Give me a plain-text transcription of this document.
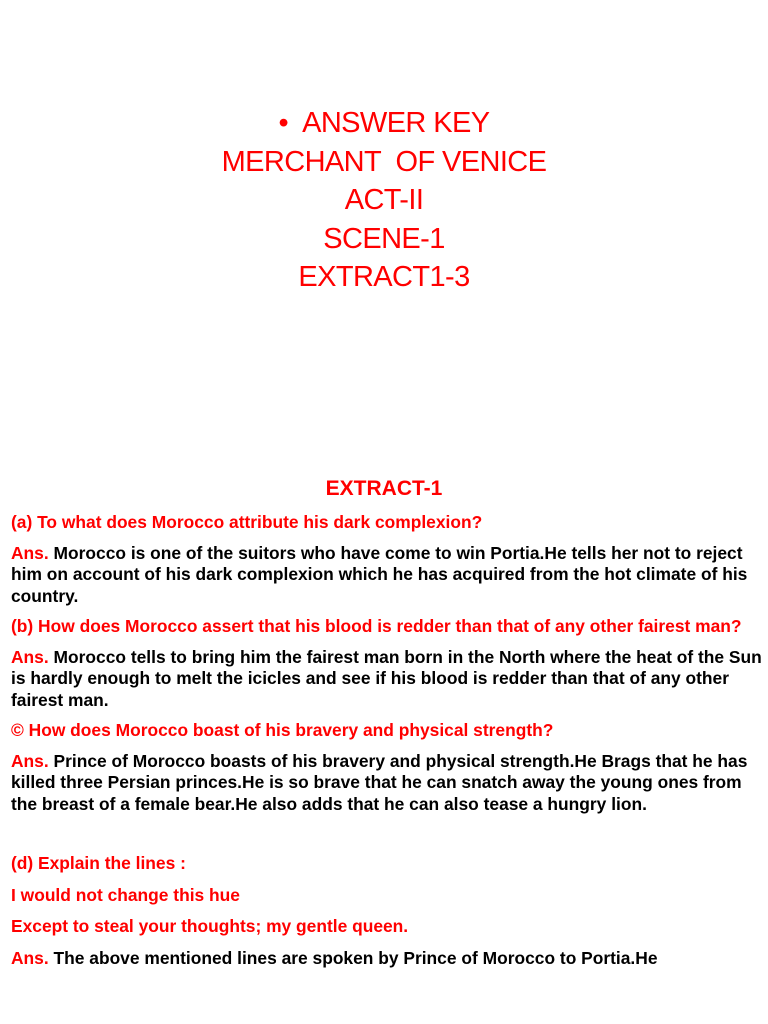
• ANSWER KEY
MERCHANT  OF VENICE
ACT-II
SCENE-1
EXTRACT1-3
EXTRACT-1

(a) To what does Morocco attribute his dark complexion?

Ans. Morocco is one of the suitors who have come to win Portia.He tells her not to reject him on account of his dark complexion which he has acquired from the hot climate of his country.

(b) How does Morocco assert that his blood is redder than that of any other fairest man?

Ans. Morocco tells to bring him the fairest man born in the North where the heat of the Sun is hardly enough to melt the icicles and see if his blood is redder than that of any other fairest man.

© How does Morocco boast of his bravery and physical strength?

Ans. Prince of Morocco boasts of his bravery and physical strength.He Brags that he has killed three Persian princes.He is so brave that he can snatch away the young ones from the breast of a female bear.He also adds that he can also tease a hungry lion.

(d) Explain the lines :

I would not change this hue

Except to steal your thoughts; my gentle queen.

Ans. The above mentioned lines are spoken by Prince of Morocco to Portia.He
